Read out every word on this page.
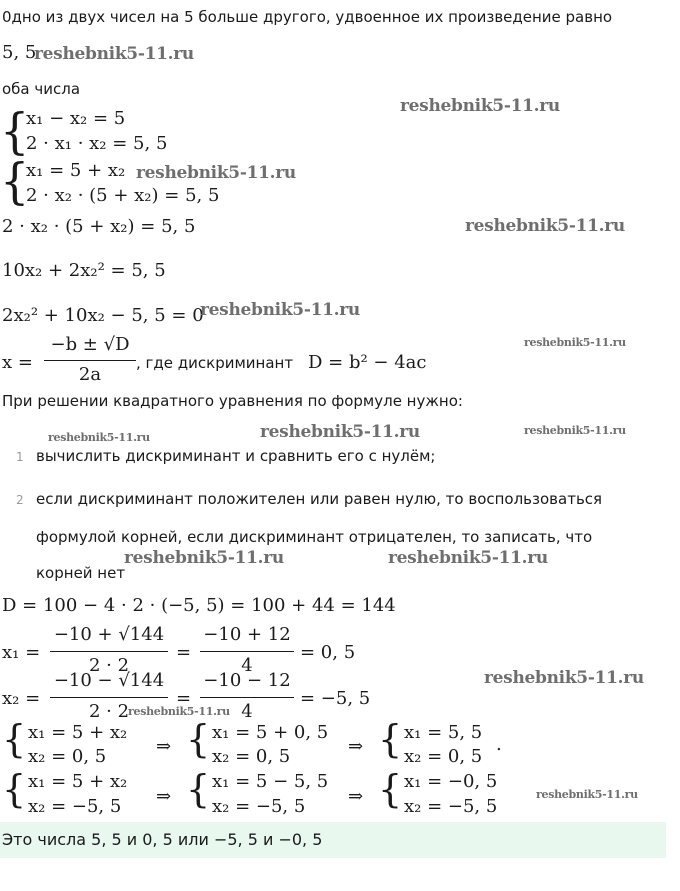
0дно из двух чисел на 5 больше другого, удвоенное их произведение равно
5, 5
reshebnik5-11.ru
оба числа
reshebnik5-11.ru
{
{
x₁ − x₂ = 5
2 · x₁ · x₂ = 5, 5
x₁ = 5 + x₂ reshebnik5-11.ru
2 · x₂ · (5 + x₂) = 5, 5
2 · x₂ · (5 + x₂) = 5, 5	reshebnik5-11.ru
10x₂ + 2x₂² = 5, 5
2x₂² + 10x₂ − 5, 5 = 0
reshebnik5-11.ru
x =
−b ± √D
2a
, где дискриминант D = b² − 4ac
reshebnik5-11.ru
При решении квадратного уравнения по формуле нужно:
reshebnik5-11.ru	reshebnik5-11.ru	reshebnik5-11.ru
1 вычислить дискриминант и сравнить его с нулём;
2 если дискриминант положителен или равен нулю, то воспользоваться
формулой корней, если дискриминант отрицателен, то записать, что
reshebnik5-11.ru	reshebnik5-11.ru
корней нет
D = 100 − 4 · 2 · (−5, 5) = 100 + 44 = 144
x₁ =
−10 + √144
2 · 2
=
−10 + 12
4
= 0, 5
reshebnik5-11.ru
x₂ =
−10 − √144
2 · 2
=
−10 − 12
4
= −5, 5
reshebnik5-11.ru
{ x₁ = 5 + x₂
x₂ = 0, 5	⇒ { x₁ = 5 + 0, 5
x₂ = 0, 5	⇒ { x₁ = 5, 5
x₂ = 0, 5
.
{ x₁ = 5 + x₂
x₂ = −5, 5 ⇒ { x₁ = 5 − 5, 5
x₂ = −5, 5 ⇒ { x₁ = −0, 5
x₂ = −5, 5
reshebnik5-11.ru
Это числа 5, 5 и 0, 5 или −5, 5 и −0, 5
